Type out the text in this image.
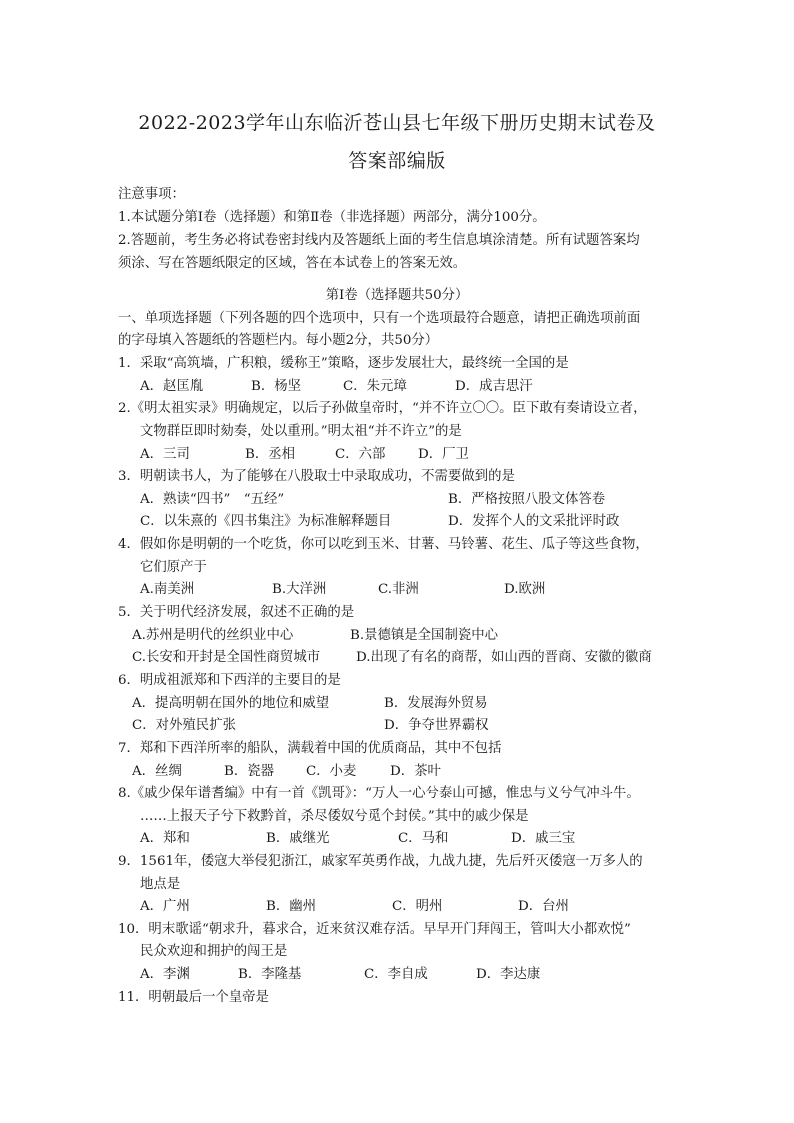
2022-2023学年山东临沂苍山县七年级下册历史期末试卷及
答案部编版
注意事项：
1.本试题分第Ⅰ卷（选择题）和第Ⅱ卷（非选择题）两部分，满分100分。
2.答题前，考生务必将试卷密封线内及答题纸上面的考生信息填涂清楚。所有试题答案均
须涂、写在答题纸限定的区域，答在本试卷上的答案无效。
第Ⅰ卷（选择题共50分）
一、单项选择题（下列各题的四个选项中，只有一个选项最符合题意，请把正确选项前面
的字母填入答题纸的答题栏内。每小题2分，共50分）
1．采取“高筑墙，广积粮，缓称王”策略，逐步发展壮大，最终统一全国的是
A．赵匡胤	B．杨坚	C．朱元璋	D．成吉思汗
2.《明太祖实录》明确规定，以后子孙做皇帝时，“并不许立〇〇。臣下敢有奏请设立者，
文物群臣即时劾奏，处以重刑。”明太祖“并不许立”的是
A．三司	B．丞相	C．六部 D．厂卫
3．明朝读书人，为了能够在八股取士中录取成功，不需要做到的是
A．熟读“四书”　“五经”	B．严格按照八股文体答卷
C．以朱熹的《四书集注》为标准解释题目	D．发挥个人的文采批评时政
4．假如你是明朝的一个吃货，你可以吃到玉米、甘薯、马铃薯、花生、瓜子等这些食物，
它们原产于
A.南美洲	B.大洋洲	C.非洲	D.欧洲
5．关于明代经济发展，叙述不正确的是
A.苏州是明代的丝织业中心	B.景德镇是全国制瓷中心
C.长安和开封是全国性商贸城市	D.出现了有名的商帮，如山西的晋商、安徽的徽商
6．明成祖派郑和下西洋的主要目的是
A．提高明朝在国外的地位和威望	B．发展海外贸易
C．对外殖民扩张	D．争夺世界霸权
7．郑和下西洋所率的船队，满载着中国的优质商品，其中不包括
A．丝绸	B．瓷器 C．小麦	D．茶叶
8.《戚少保年谱耆编》中有一首《凯哥》：“万人一心兮泰山可撼，惟忠与义兮气冲斗牛。
……上报天子兮下救黔首，杀尽倭奴兮觅个封侯。”其中的戚少保是
A．郑和	B．戚继光	C．马和	D．戚三宝
9．1561年，倭寇大举侵犯浙江，戚家军英勇作战，九战九捷，先后歼灭倭寇一万多人的
地点是
A．广州	B．幽州	C．明州	D．台州
10．明末歌谣“朝求升，暮求合，近来贫汉难存活。早早开门拜闯王，管叫大小都欢悦”
民众欢迎和拥护的闯王是
A．李渊	B．李隆基	C．李自成	D．李达康
11．明朝最后一个皇帝是
